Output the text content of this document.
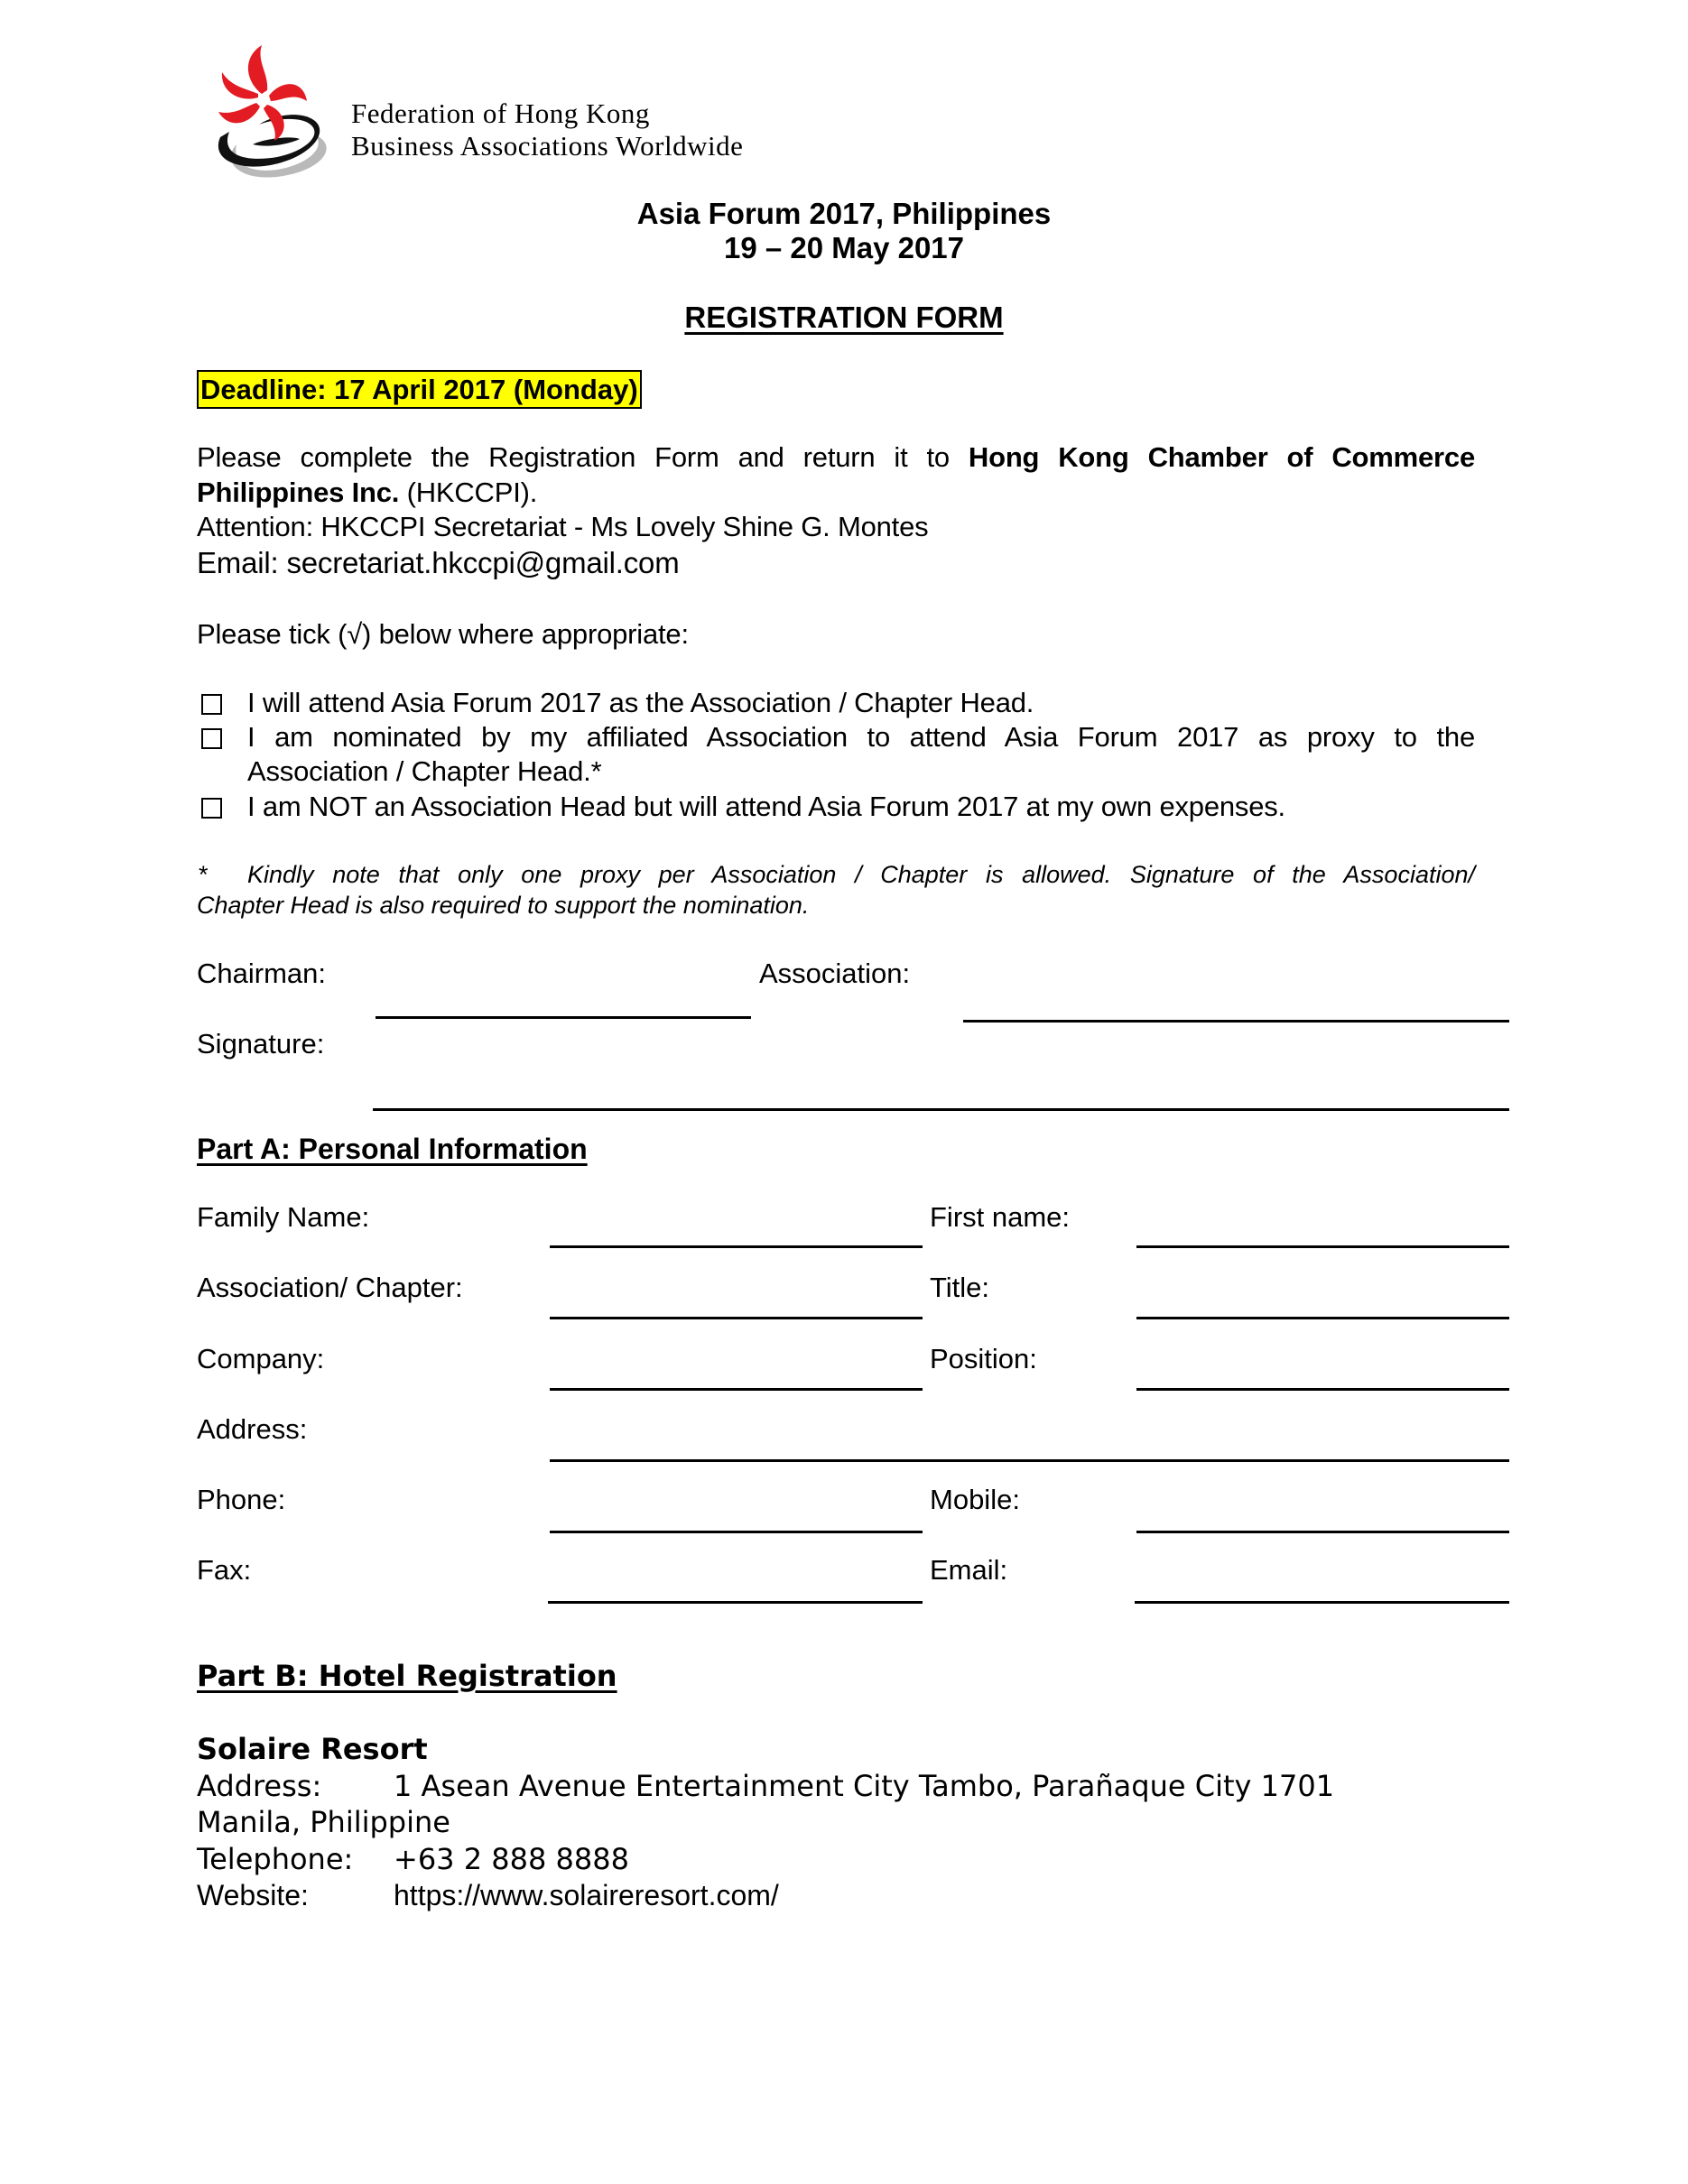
Federation of Hong Kong
Business Associations Worldwide
Asia Forum 2017, Philippines
19 – 20 May 2017
REGISTRATION FORM
Deadline: 17 April 2017 (Monday)
Please complete the Registration Form and return it to Hong Kong Chamber of Commerce
Philippines Inc. (HKCCPI).
Attention: HKCCPI Secretariat - Ms Lovely Shine G. Montes
Email: secretariat.hkccpi@gmail.com
Please tick (√) below where appropriate:
I will attend Asia Forum 2017 as the Association / Chapter Head.
I am nominated by my affiliated Association to attend Asia Forum 2017 as proxy to the
Association / Chapter Head.*
I am NOT an Association Head but will attend Asia Forum 2017 at my own expenses.
* Kindly note that only one proxy per Association / Chapter is allowed. Signature of the Association/
Chapter Head is also required to support the nomination.
Chairman:	Association:
Signature:
Part A: Personal Information
Family Name:	First name:
Association/ Chapter:	Title:
Company:	Position:
Address:
Phone:	Mobile:
Fax:	Email:
Part B: Hotel Registration
Solaire Resort
Address: 1 Asean Avenue Entertainment City Tambo, Parañaque City 1701
Manila, Philippine
Telephone: +63 2 888 8888
Website:	https://www.solaireresort.com/
